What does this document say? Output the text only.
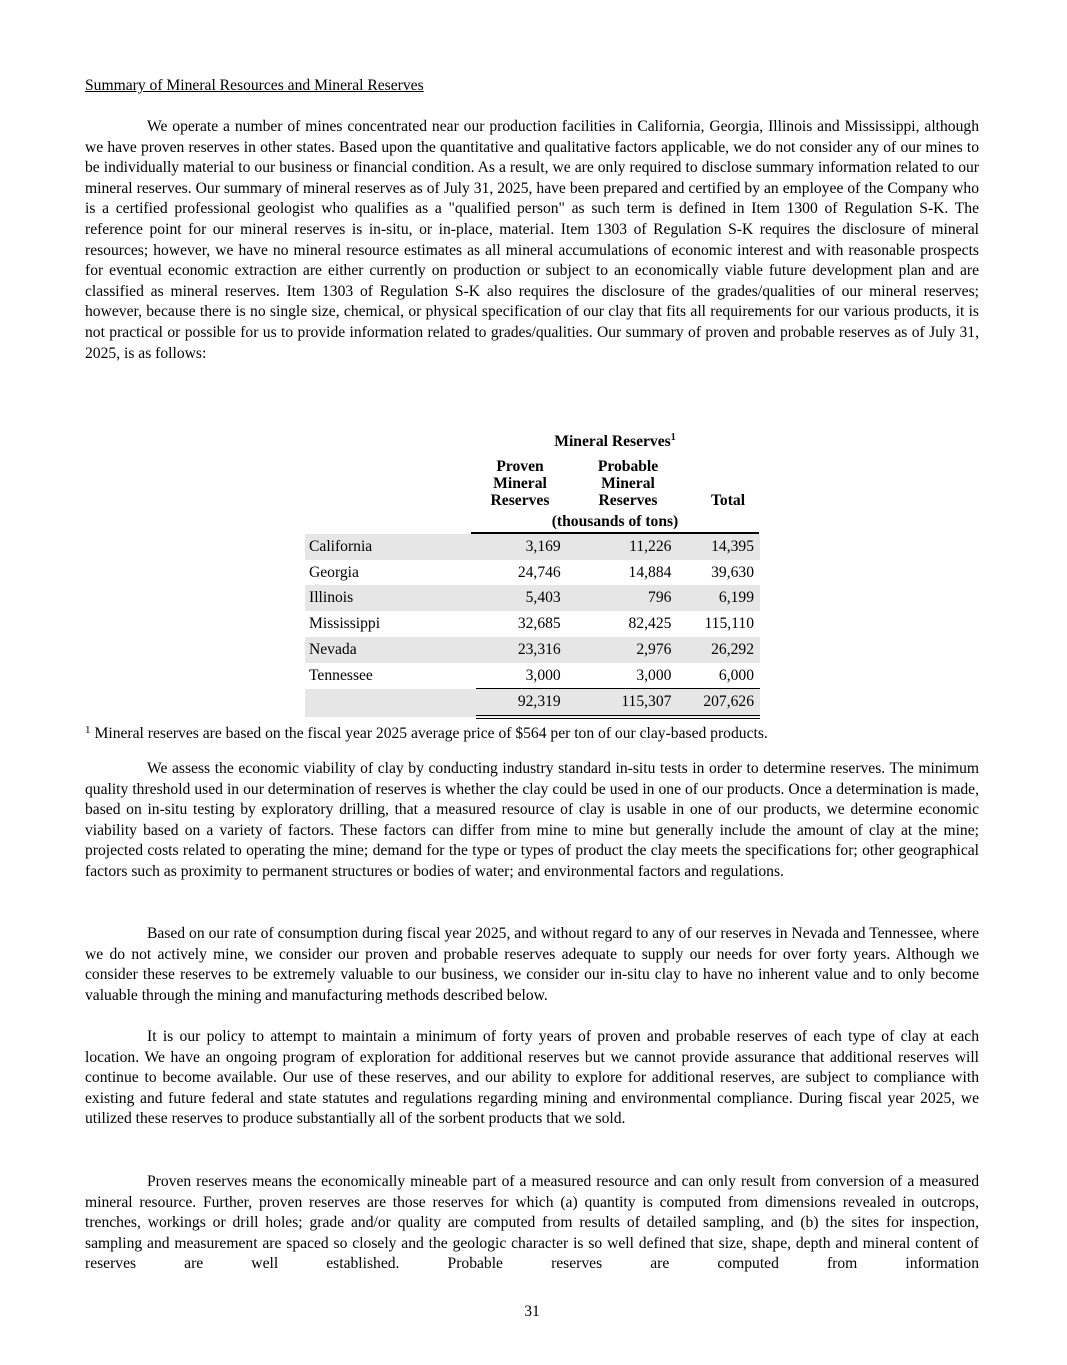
Summary of Mineral Resources and Mineral Reserves

We operate a number of mines concentrated near our production facilities in California, Georgia, Illinois and Mississippi, although we have proven reserves in other states. Based upon the quantitative and qualitative factors applicable, we do not consider any of our mines to be individually material to our business or financial condition. As a result, we are only required to disclose summary information related to our mineral reserves. Our summary of mineral reserves as of July 31, 2025, have been prepared and certified by an employee of the Company who is a certified professional geologist who qualifies as a "qualified person" as such term is defined in Item 1300 of Regulation S-K. The reference point for our mineral reserves is in-situ, or in-place, material. Item 1303 of Regulation S-K requires the disclosure of mineral resources; however, we have no mineral resource estimates as all mineral accumulations of economic interest and with reasonable prospects for eventual economic extraction are either currently on production or subject to an economically viable future development plan and are classified as mineral reserves. Item 1303 of Regulation S-K also requires the disclosure of the grades/qualities of our mineral reserves; however, because there is no single size, chemical, or physical specification of our clay that fits all requirements for our various products, it is not practical or possible for us to provide information related to grades/qualities. Our summary of proven and probable reserves as of July 31, 2025, is as follows:

Mineral Reserves$^1$
Proven
Mineral
Reserves
Probable
Mineral
Reserves	Total
(thousands of tons)
California	3,169	11,226	14,395
Georgia	24,746	14,884	39,630
Illinois	5,403	796	6,199
Mississippi	32,685	82,425	115,110
Nevada	23,316	2,976	26,292
Tennessee	3,000	3,000	6,000
	92,319	115,307	207,626
$^1$ Mineral reserves are based on the fiscal year 2025 average price of $564 per ton of our clay-based products.

We assess the economic viability of clay by conducting industry standard in-situ tests in order to determine reserves. The minimum quality threshold used in our determination of reserves is whether the clay could be used in one of our products. Once a determination is made, based on in-situ testing by exploratory drilling, that a measured resource of clay is usable in one of our products, we determine economic viability based on a variety of factors. These factors can differ from mine to mine but generally include the amount of clay at the mine; projected costs related to operating the mine; demand for the type or types of product the clay meets the specifications for; other geographical factors such as proximity to permanent structures or bodies of water; and environmental factors and regulations.

Based on our rate of consumption during fiscal year 2025, and without regard to any of our reserves in Nevada and Tennessee, where we do not actively mine, we consider our proven and probable reserves adequate to supply our needs for over forty years. Although we consider these reserves to be extremely valuable to our business, we consider our in-situ clay to have no inherent value and to only become valuable through the mining and manufacturing methods described below.

It is our policy to attempt to maintain a minimum of forty years of proven and probable reserves of each type of clay at each location. We have an ongoing program of exploration for additional reserves but we cannot provide assurance that additional reserves will continue to become available. Our use of these reserves, and our ability to explore for additional reserves, are subject to compliance with existing and future federal and state statutes and regulations regarding mining and environmental compliance. During fiscal year 2025, we utilized these reserves to produce substantially all of the sorbent products that we sold.

Proven reserves means the economically mineable part of a measured resource and can only result from conversion of a measured mineral resource. Further, proven reserves are those reserves for which (a) quantity is computed from dimensions revealed in outcrops, trenches, workings or drill holes; grade and/or quality are computed from results of detailed sampling, and (b) the sites for inspection, sampling and measurement are spaced so closely and the geologic character is so well defined that size, shape, depth and mineral content of reserves are well established. Probable reserves are computed from information

31
